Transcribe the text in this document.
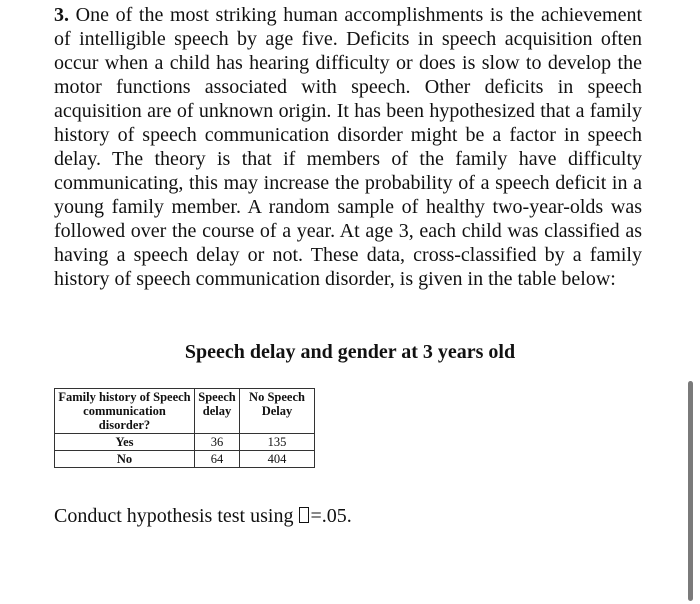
3. One of the most striking human accomplishments is the achievement of intelligible speech by age five. Deficits in speech acquisition often occur when a child has hearing difficulty or does is slow to develop the motor functions associated with speech. Other deficits in speech acquisition are of unknown origin. It has been hypothesized that a family history of speech communication disorder might be a factor in speech delay. The theory is that if members of the family have difficulty communicating, this may increase the probability of a speech deficit in a young family member. A random sample of healthy two-year-olds was followed over the course of a year. At age 3, each child was classified as having a speech delay or not. These data, cross-classified by a family history of speech communication disorder, is given in the table below:

Speech delay and gender at 3 years old
Family history of Speech communication disorder?	Speech delay	No Speech Delay
Yes	36	135
No	64	404

Conduct hypothesis test using =.05.
